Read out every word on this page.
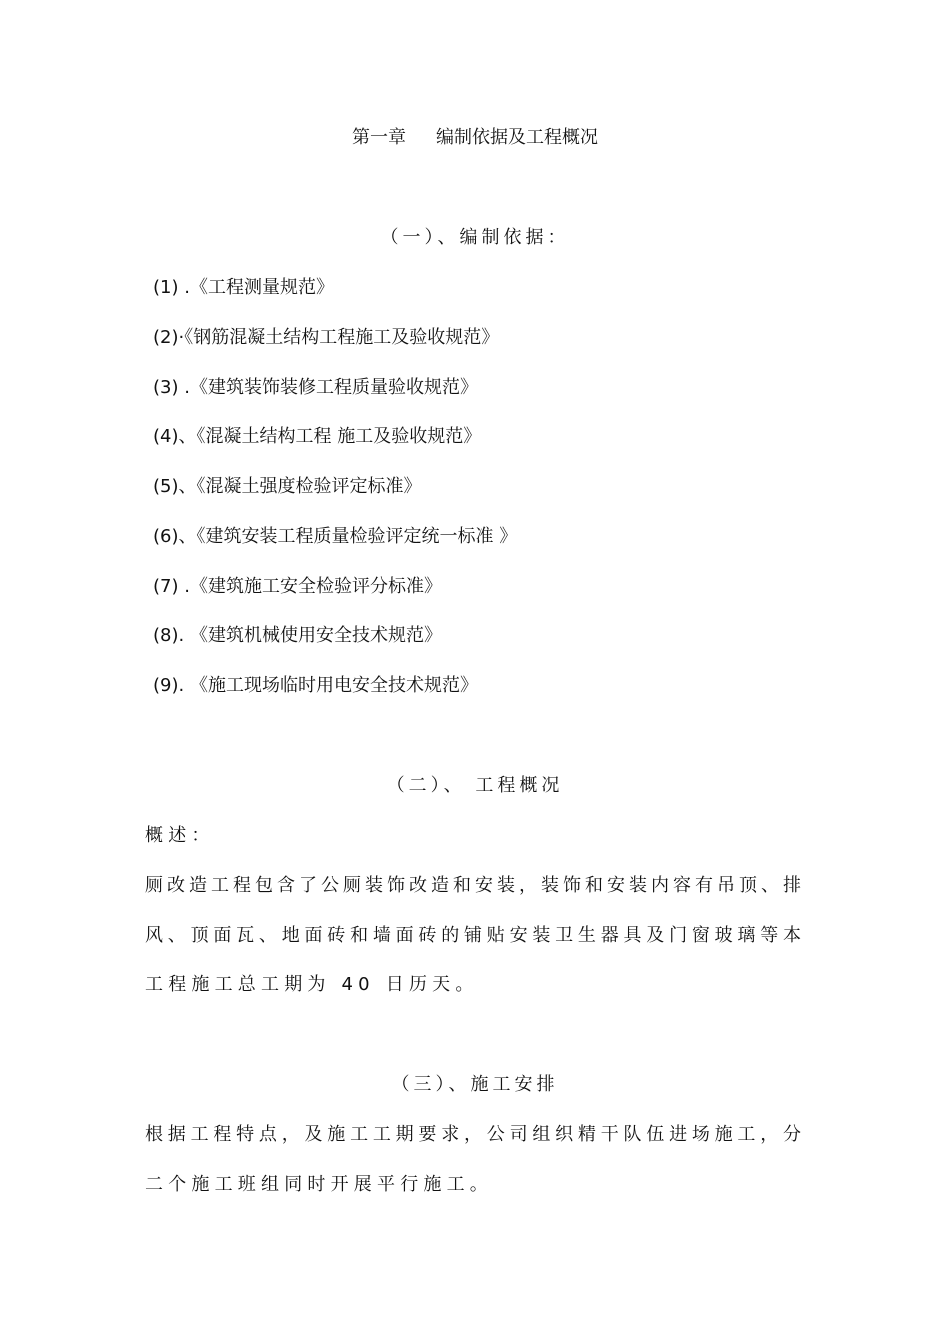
第一章 编制依据及工程概况
（一）、编制依据：
(1) .《工程测量规范》
(2)·《钢筋混凝土结构工程施工及验收规范》
(3) .《建筑装饰装修工程质量验收规范》
(4)、《混凝土结构工程 施工及验收规范》
(5)、《混凝土强度检验评定标准》
(6)、《建筑安装工程质量检验评定统一标准 》
(7) .《建筑施工安全检验评分标准》
(8). 《建筑机械使用安全技术规范》
(9). 《施工现场临时用电安全技术规范》
（二）、 工程概况
概述：
厕改造工程包含了公厕装饰改造和安装，装饰和安装内容有吊顶、排
风、顶面瓦、地面砖和墙面砖的铺贴安装卫生器具及门窗玻璃等本
工程施工总工期为 40 日历天。
（三）、施工安排
根据工程特点，及施工工期要求，公司组织精干队伍进场施工，分
二个施工班组同时开展平行施工。
